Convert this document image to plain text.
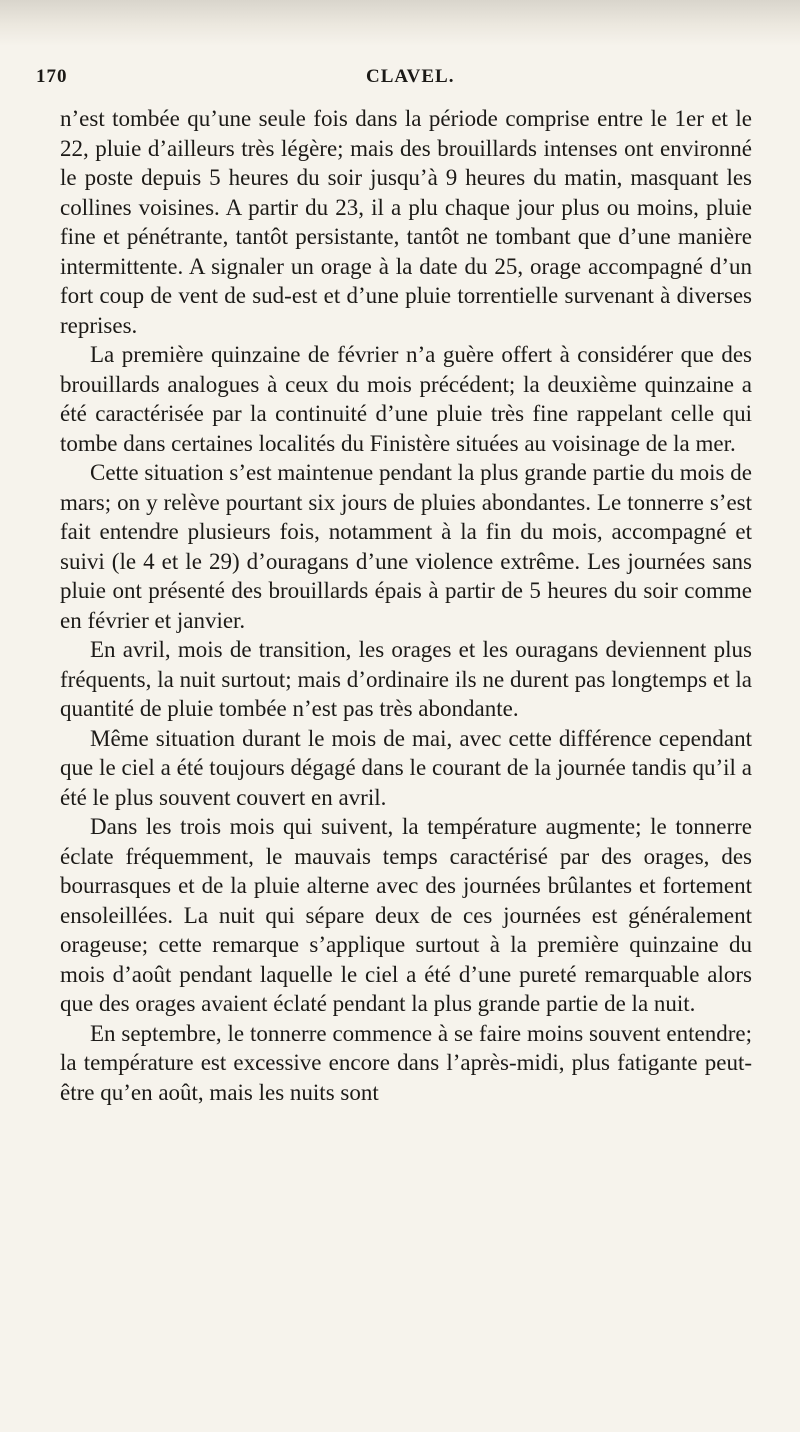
170	CLAVEL.

n’est tombée qu’une seule fois dans la période comprise entre le 1er et le 22, pluie d’ailleurs très légère; mais des brouillards intenses ont environné le poste depuis 5 heures du soir jusqu’à 9 heures du matin, masquant les collines voisines. A partir du 23, il a plu chaque jour plus ou moins, pluie fine et pénétrante, tantôt persistante, tantôt ne tombant que d’une manière intermittente. A signaler un orage à la date du 25, orage accompagné d’un fort coup de vent de sud-est et d’une pluie torrentielle survenant à diverses reprises.

La première quinzaine de février n’a guère offert à considérer que des brouillards analogues à ceux du mois précédent; la deuxième quinzaine a été caractérisée par la continuité d’une pluie très fine rappelant celle qui tombe dans certaines localités du Finistère situées au voisinage de la mer.

Cette situation s’est maintenue pendant la plus grande partie du mois de mars; on y relève pourtant six jours de pluies abondantes. Le tonnerre s’est fait entendre plusieurs fois, notamment à la fin du mois, accompagné et suivi (le 4 et le 29) d’ouragans d’une violence extrême. Les journées sans pluie ont présenté des brouillards épais à partir de 5 heures du soir comme en février et janvier.

En avril, mois de transition, les orages et les ouragans deviennent plus fréquents, la nuit surtout; mais d’ordinaire ils ne durent pas longtemps et la quantité de pluie tombée n’est pas très abondante.

Même situation durant le mois de mai, avec cette différence cependant que le ciel a été toujours dégagé dans le courant de la journée tandis qu’il a été le plus souvent couvert en avril.

Dans les trois mois qui suivent, la température augmente; le tonnerre éclate fréquemment, le mauvais temps caractérisé par des orages, des bourrasques et de la pluie alterne avec des journées brûlantes et fortement ensoleillées. La nuit qui sépare deux de ces journées est généralement orageuse; cette remarque s’applique surtout à la première quinzaine du mois d’août pendant laquelle le ciel a été d’une pureté remarquable alors que des orages avaient éclaté pendant la plus grande partie de la nuit.

En septembre, le tonnerre commence à se faire moins souvent entendre; la température est excessive encore dans l’après-midi, plus fatigante peut-être qu’en août, mais les nuits sont
